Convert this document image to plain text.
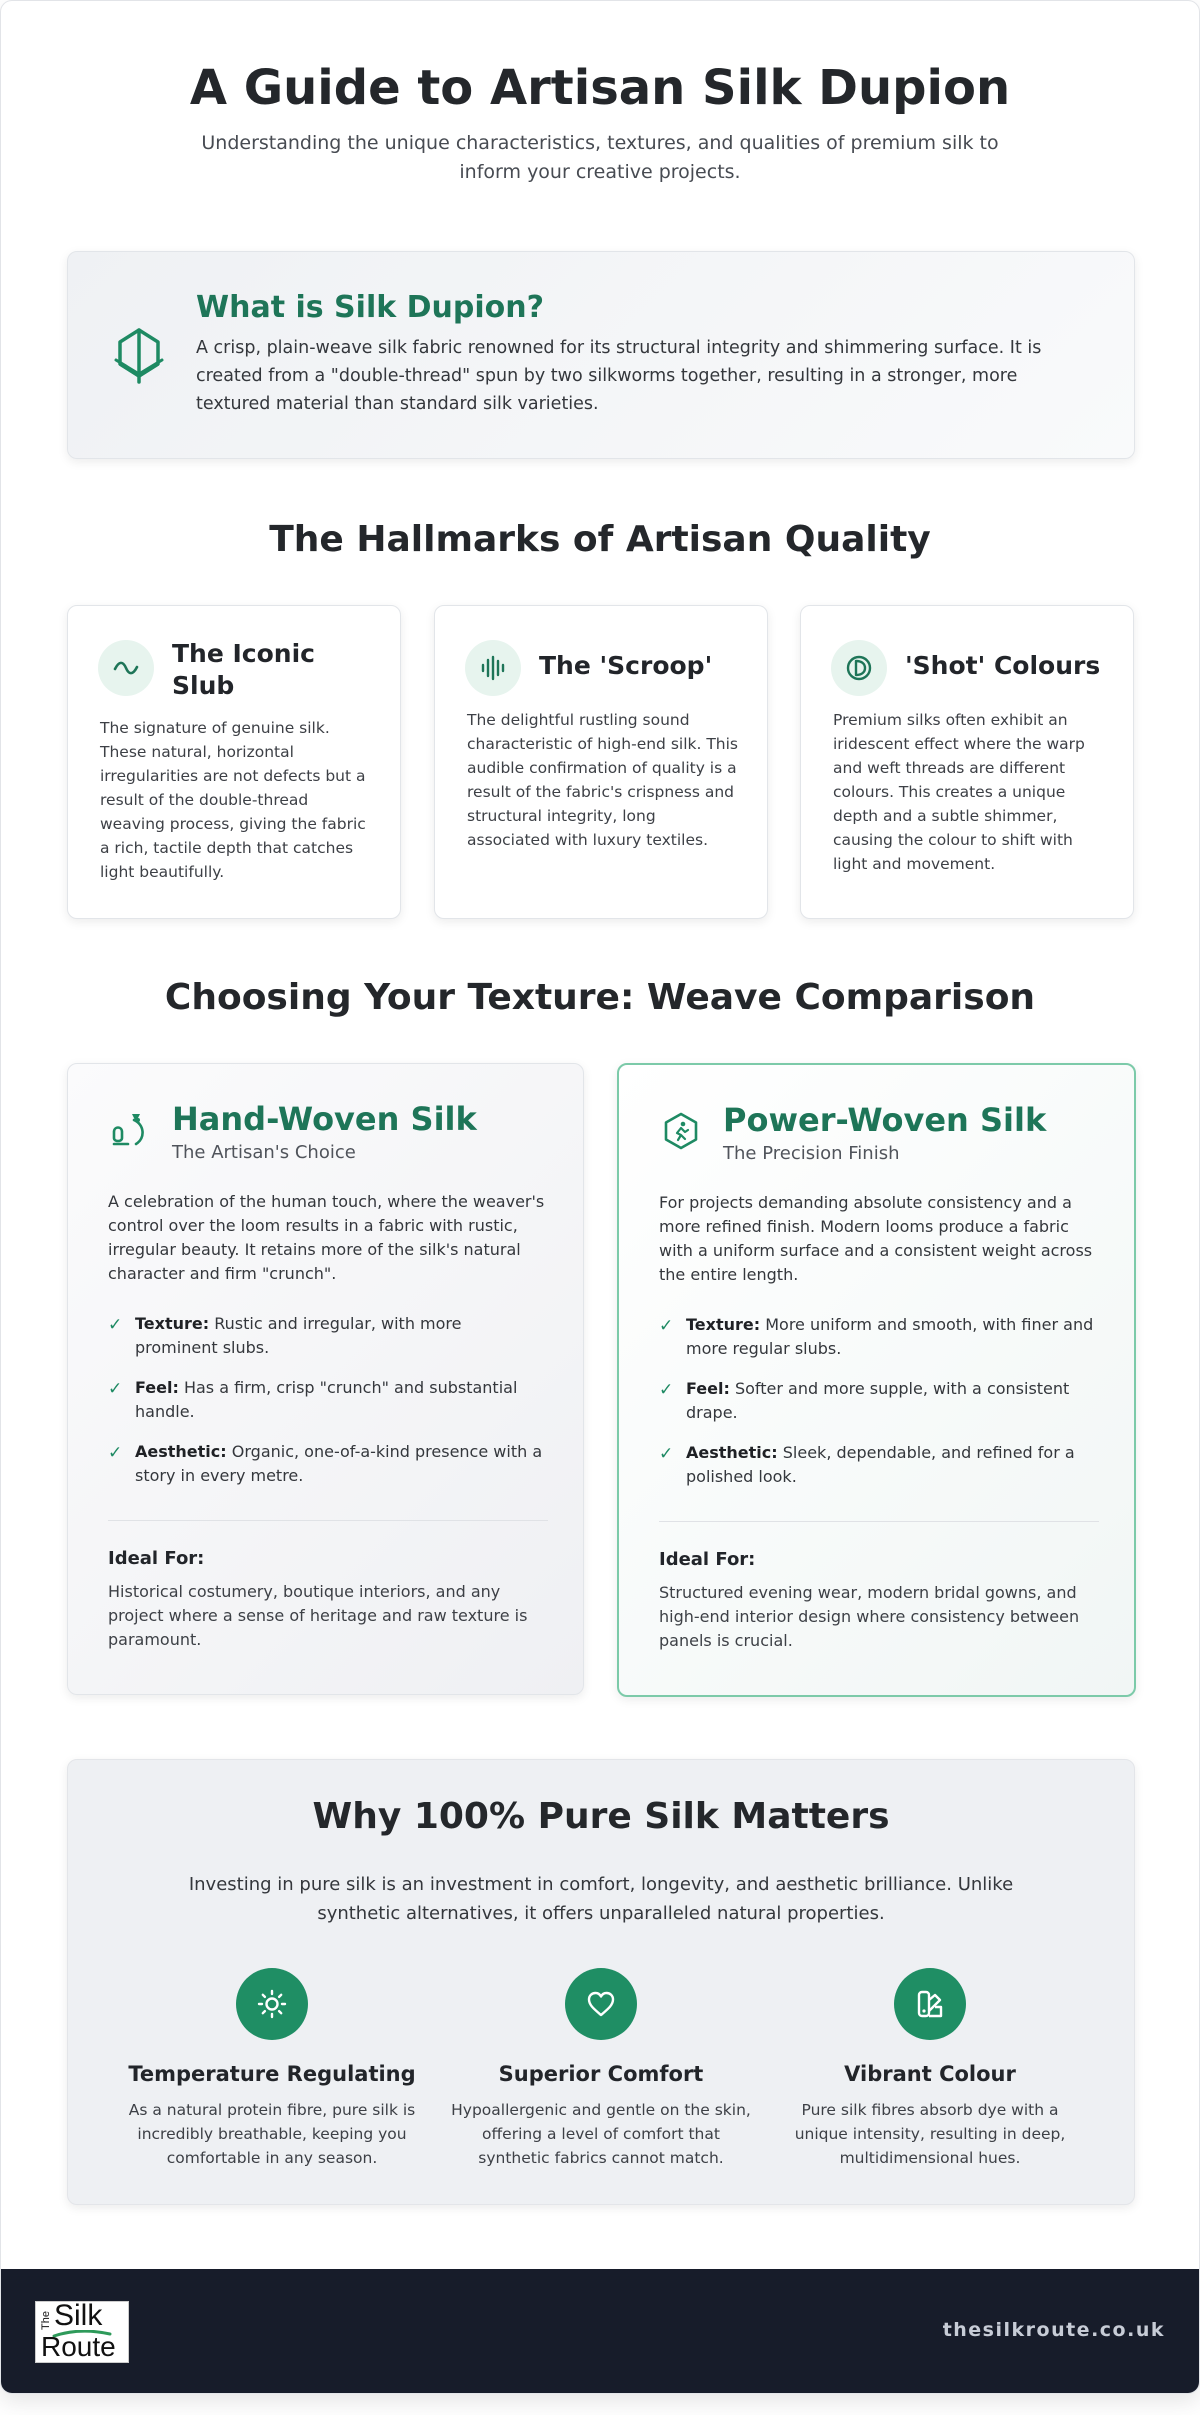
A Guide to Artisan Silk Dupion
Understanding the unique characteristics, textures, and qualities of premium silk to inform your creative projects.
What is Silk Dupion?
A crisp, plain-weave silk fabric renowned for its structural integrity and shimmering surface. It is created from a "double-thread" spun by two silkworms together, resulting in a stronger, more textured material than standard silk varieties.
The Hallmarks of Artisan Quality
The Iconic Slub
The signature of genuine silk. These natural, horizontal irregularities are not defects but a result of the double-thread weaving process, giving the fabric a rich, tactile depth that catches light beautifully.
The 'Scroop'
The delightful rustling sound characteristic of high-end silk. This audible confirmation of quality is a result of the fabric's crispness and structural integrity, long associated with luxury textiles.
'Shot' Colours
Premium silks often exhibit an iridescent effect where the warp and weft threads are different colours. This creates a unique depth and a subtle shimmer, causing the colour to shift with light and movement.
Choosing Your Texture: Weave Comparison
Hand-Woven Silk
The Artisan's Choice
A celebration of the human touch, where the weaver's control over the loom results in a fabric with rustic, irregular beauty. It retains more of the silk's natural character and firm "crunch".
✓ Texture: Rustic and irregular, with more prominent slubs.
✓ Feel: Has a firm, crisp "crunch" and substantial handle.
✓ Aesthetic: Organic, one-of-a-kind presence with a story in every metre.
Ideal For:
Historical costumery, boutique interiors, and any project where a sense of heritage and raw texture is paramount.
Power-Woven Silk
The Precision Finish
For projects demanding absolute consistency and a more refined finish. Modern looms produce a fabric with a uniform surface and a consistent weight across the entire length.
✓ Texture: More uniform and smooth, with finer and more regular slubs.
✓ Feel: Softer and more supple, with a consistent drape.
✓ Aesthetic: Sleek, dependable, and refined for a polished look.
Ideal For:
Structured evening wear, modern bridal gowns, and high-end interior design where consistency between panels is crucial.
Why 100% Pure Silk Matters
Investing in pure silk is an investment in comfort, longevity, and aesthetic brilliance. Unlike synthetic alternatives, it offers unparalleled natural properties.
Temperature Regulating
As a natural protein fibre, pure silk is incredibly breathable, keeping you comfortable in any season.
Superior Comfort
Hypoallergenic and gentle on the skin, offering a level of comfort that synthetic fabrics cannot match.
Vibrant Colour
Pure silk fibres absorb dye with a unique intensity, resulting in deep, multidimensional hues.
The Silk
Route
thesilkroute.co.uk
